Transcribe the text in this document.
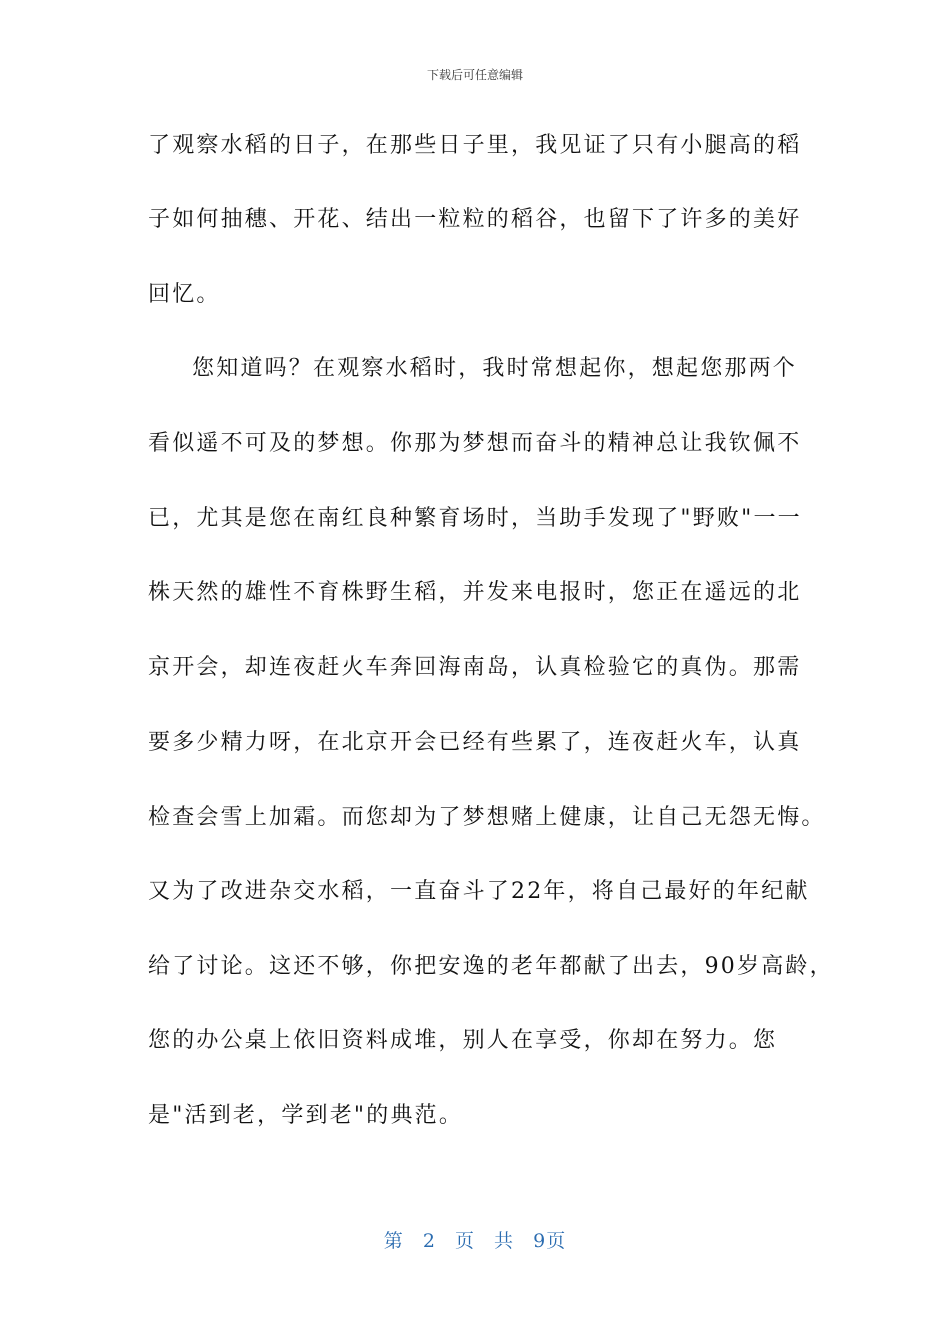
下载后可任意编辑
了观察水稻的日子，在那些日子里，我见证了只有小腿高的稻
子如何抽穗、开花、结出一粒粒的稻谷，也留下了许多的美好
回忆。
您知道吗？在观察水稻时，我时常想起你，想起您那两个
看似遥不可及的梦想。你那为梦想而奋斗的精神总让我钦佩不
已，尤其是您在南红良种繁育场时，当助手发现了"野败"一一
株天然的雄性不育株野生稻，并发来电报时，您正在遥远的北
京开会，却连夜赶火车奔回海南岛，认真检验它的真伪。那需
要多少精力呀，在北京开会已经有些累了，连夜赶火车，认真
检查会雪上加霜。而您却为了梦想赌上健康，让自己无怨无悔。
又为了改进杂交水稻，一直奋斗了22年，将自己最好的年纪献
给了讨论。这还不够，你把安逸的老年都献了出去，90岁高龄，
您的办公桌上依旧资料成堆，别人在享受，你却在努力。您
是"活到老，学到老"的典范。
第 2 页 共 9页
